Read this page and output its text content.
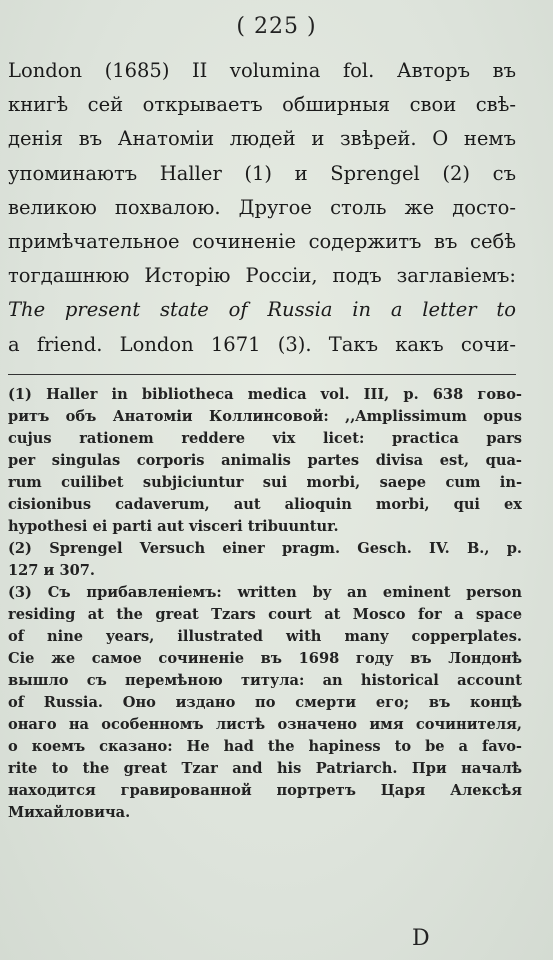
( 225 )
London (1685) II volumina fol. Авторъ въ
книгѣ сей открываетъ обширныя свои свѣ-
денія въ Анатоміи людей и звѣрей. О немъ
упоминаютъ Haller (1) и Sprengel (2) съ
великою похвалою. Другое столь же досто-
примѣчательное сочиненіе содержитъ въ себѣ
тогдашнюю Исторію Россіи, подъ заглавіемъ:
The present state of Russia in a letter to
a friend. London 1671 (3). Такъ какъ сочи-
(1) Haller in bibliotheca medica vol. III, p. 638 гово-
ритъ объ Анатоміи Коллинсовой: ,,Amplissimum opus
cujus rationem reddere vix licet: practica pars
per singulas corporis animalis partes divisa est, qua-
rum cuilibet subjiciuntur sui morbi, saepe cum in-
cisionibus cadaverum, aut alioquin morbi, qui ex
hypothesi ei parti aut visceri tribuuntur.
(2) Sprengel Versuch einer pragm. Gesch. IV. B., p.
127 и 307.
(3) Съ прибавленіемъ: written by an eminent person
residing at the great Tzars court at Mosco for a space
of nine years, illustrated with many copperplates.
Сіе же самое сочиненіе въ 1698 году въ Лондонѣ
вышло съ перемѣною титула: an historical account
of Russia. Оно издано по смерти его; въ концѣ
онаго на особенномъ листѣ означено имя сочинителя,
о коемъ сказано: He had the hapiness to be a favo-
rite to the great Tzar and his Patriarch. При началѣ
находится гравированной портретъ Царя Алексѣя
Михайловича.
D
